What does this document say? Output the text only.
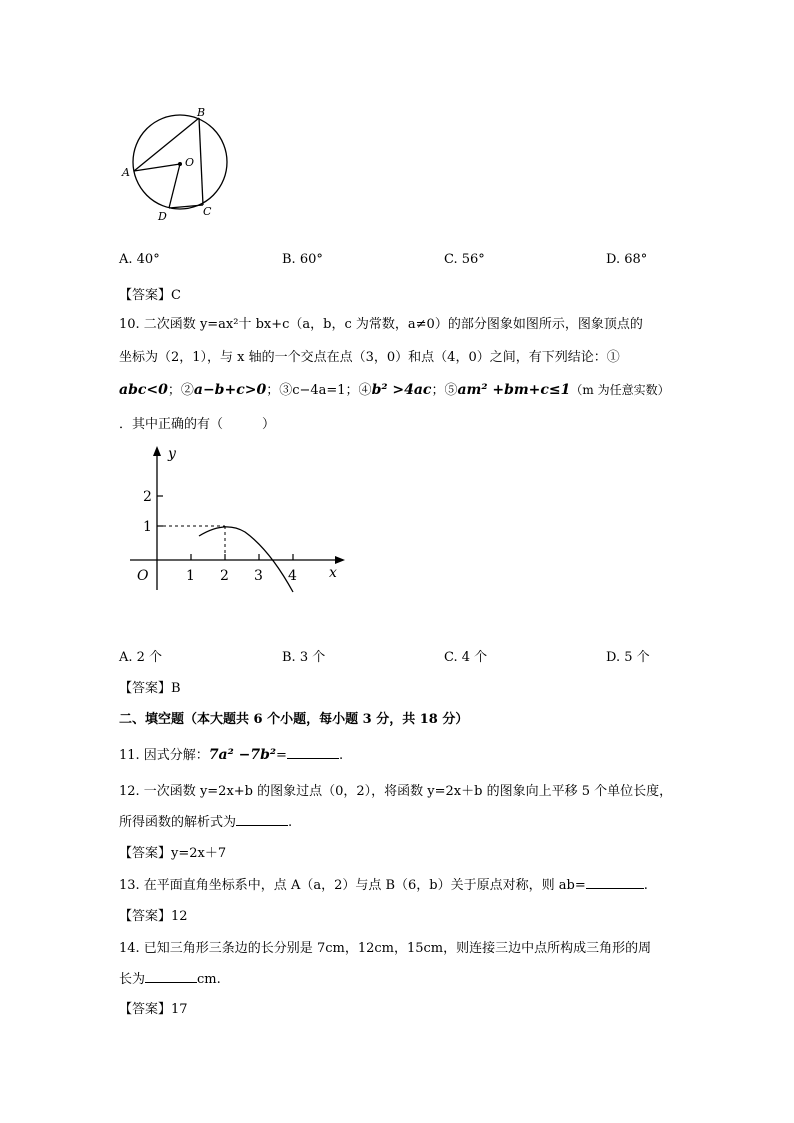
A
B
O
D	C
A. 40°	B. 60°	C. 56°	D. 68°
【答案】C
10. 二次函数 y=ax²十 bx+c（a，b，c 为常数，a≠0）的部分图象如图所示，图象顶点的
坐标为（2，1），与 x 轴的一个交点在点（3，0）和点（4，0）之间，有下列结论：①
abc<0；②a−b+c>0；③c−4a=1；④b² >4ac；⑤am² +bm+c≤1（m 为任意实数）
．其中正确的有（　　　）
y
x
O	1 2 3 4
1
2
A. 2 个	B. 3 个	C. 4 个	D. 5 个
【答案】B
二、填空题（本大题共 6 个小题，每小题 3 分，共 18 分）
11. 因式分解：7a² −7b²=	.
12. 一次函数 y=2x+b 的图象过点（0，2），将函数 y=2x＋b 的图象向上平移 5 个单位长度，
所得函数的解析式为	.
【答案】y=2x＋7
13. 在平面直角坐标系中，点 A（a，2）与点 B（6，b）关于原点对称，则 ab=	.
【答案】12
14. 已知三角形三条边的长分别是 7cm，12cm，15cm，则连接三边中点所构成三角形的周
长为	cm.
【答案】17
